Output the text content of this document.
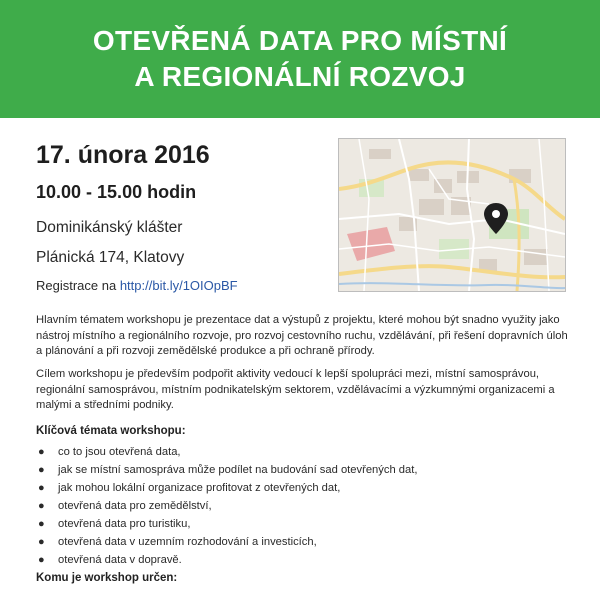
OTEVŘENÁ DATA PRO MÍSTNÍ
A REGIONÁLNÍ ROZVOJ
17. února 2016
10.00 - 15.00 hodin
Dominikánský klášter
Plánická 174, Klatovy
Registrace na http://bit.ly/1OIOpBF

Hlavním tématem workshopu je prezentace dat a výstupů z projektu, které mohou být snadno využity jako nástroj místního a regionálního rozvoje, pro rozvoj cestovního ruchu, vzdělávání, při řešení dopravních úloh a plánování a při rozvoji zemědělské produkce a při ochraně přírody.

Cílem workshopu je především podpořit aktivity vedoucí k lepší spolupráci mezi, místní samosprávou, regionální samosprávou, místním podnikatelským sektorem, vzdělávacími a výzkumnými organizacemi a malými a středními podniky.

Klíčová témata workshopu:
● co to jsou otevřená data,
● jak se místní samospráva může podílet na budování sad otevřených dat,
● jak mohou lokální organizace profitovat z otevřených dat,
● otevřená data pro zemědělství,
● otevřená data pro turistiku,
● otevřená data v uzemním rozhodování a investicích,
● otevřená data v dopravě.
Komu je workshop určen:
